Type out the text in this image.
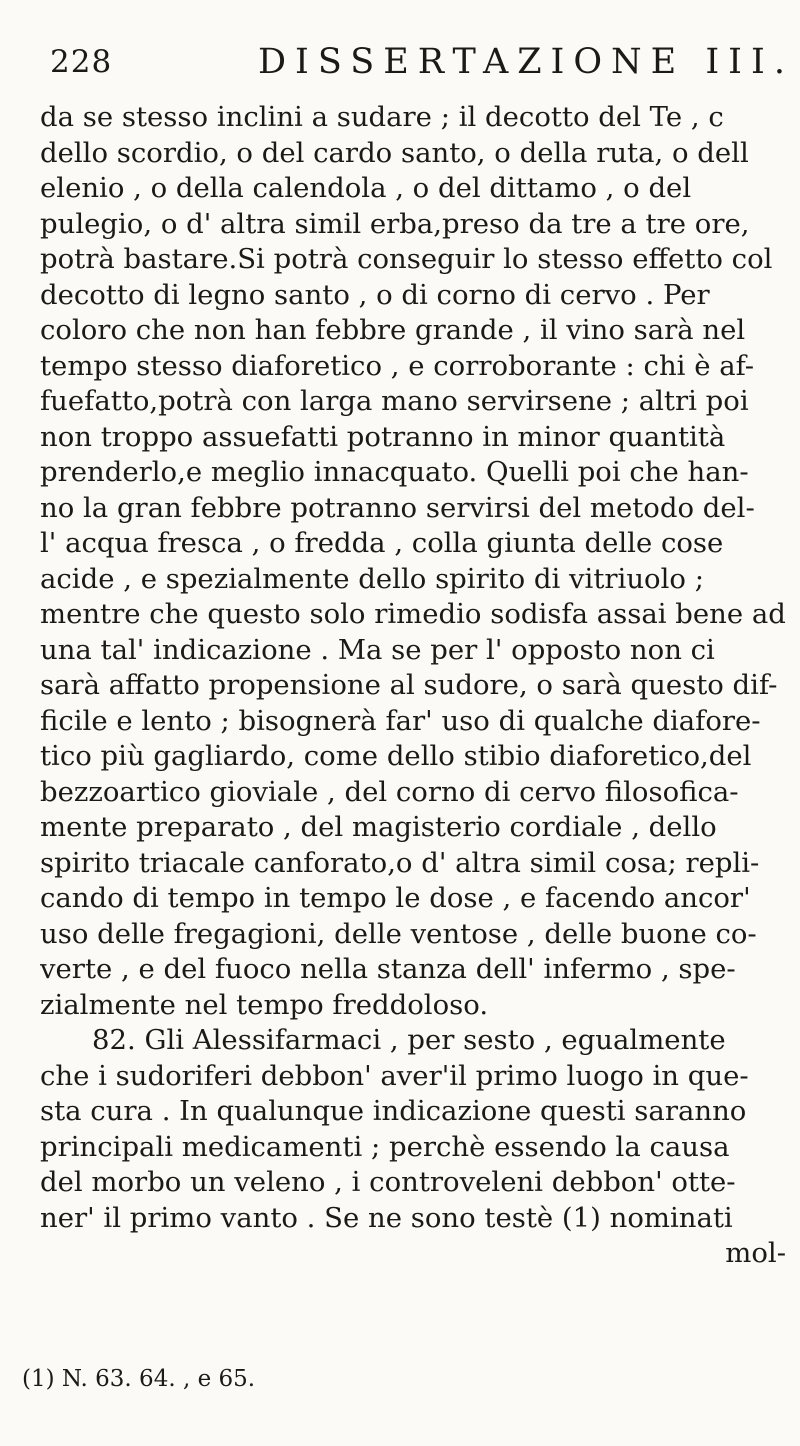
228	DISSERTAZIONE III.
da se stesso inclini a sudare ; il decotto del Te , c
dello scordio, o del cardo santo, o della ruta, o dell
elenio , o della calendola , o del dittamo , o del
pulegio, o d' altra simil erba,preso da tre a tre ore,
potrà bastare.Si potrà conseguir lo stesso effetto col
decotto di legno santo , o di corno di cervo . Per
coloro che non han febbre grande , il vino sarà nel
tempo stesso diaforetico , e corroborante : chi è af-
fuefatto,potrà con larga mano servirsene ; altri poi
non troppo assuefatti potranno in minor quantità
prenderlo,e meglio innacquato. Quelli poi che han-
no la gran febbre potranno servirsi del metodo del-
l' acqua fresca , o fredda , colla giunta delle cose
acide , e spezialmente dello spirito di vitriuolo ;
mentre che questo solo rimedio sodisfa assai bene ad
una tal' indicazione . Ma se per l' opposto non ci
sarà affatto propensione al sudore, o sarà questo dif-
ficile e lento ; bisognerà far' uso di qualche diafore-
tico più gagliardo, come dello stibio diaforetico,del
bezzoartico gioviale , del corno di cervo filosofica-
mente preparato , del magisterio cordiale , dello
spirito triacale canforato,o d' altra simil cosa; repli-
cando di tempo in tempo le dose , e facendo ancor'
uso delle fregagioni, delle ventose , delle buone co-
verte , e del fuoco nella stanza dell' infermo , spe-
zialmente nel tempo freddoloso.
82. Gli Alessifarmaci , per sesto , egualmente
che i sudoriferi debbon' aver'il primo luogo in que-
sta cura . In qualunque indicazione questi saranno
principali medicamenti ; perchè essendo la causa
del morbo un veleno , i controveleni debbon' otte-
ner' il primo vanto . Se ne sono testè (1) nominati
mol-
(1) N. 63. 64. , e 65.
